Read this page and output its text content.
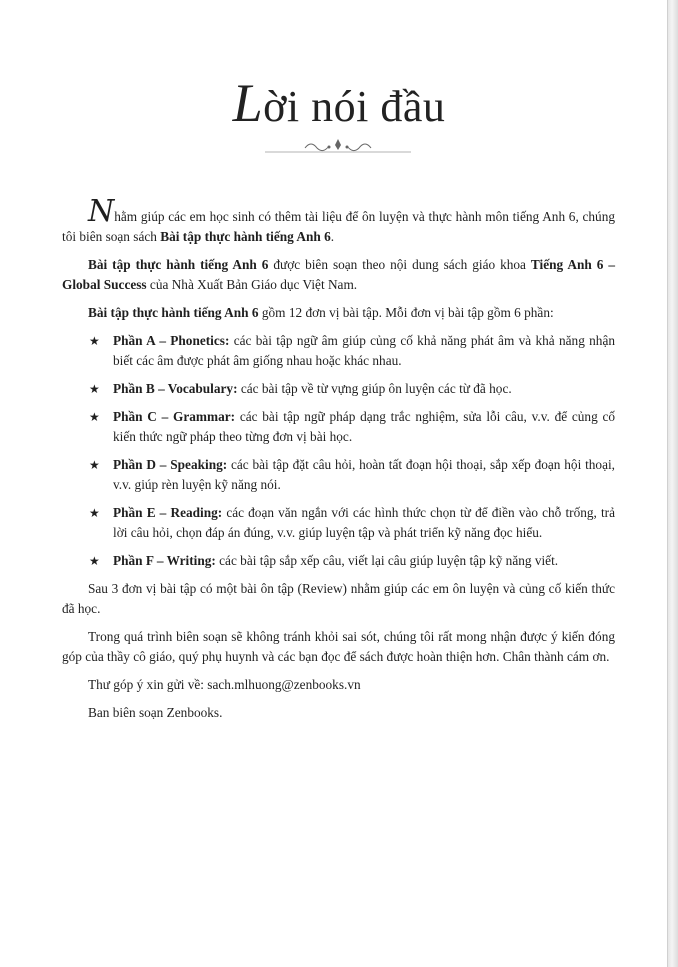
Lời nói đầu

Nhằm giúp các em học sinh có thêm tài liệu để ôn luyện và thực hành môn tiếng Anh 6, chúng tôi biên soạn sách Bài tập thực hành tiếng Anh 6.

Bài tập thực hành tiếng Anh 6 được biên soạn theo nội dung sách giáo khoa Tiếng Anh 6 – Global Success của Nhà Xuất Bản Giáo dục Việt Nam.

Bài tập thực hành tiếng Anh 6 gồm 12 đơn vị bài tập. Mỗi đơn vị bài tập gồm 6 phần:

★ Phần A – Phonetics: các bài tập ngữ âm giúp củng cố khả năng phát âm và khả năng nhận biết các âm được phát âm giống nhau hoặc khác nhau.
★ Phần B – Vocabulary: các bài tập về từ vựng giúp ôn luyện các từ đã học.
★ Phần C – Grammar: các bài tập ngữ pháp dạng trắc nghiệm, sửa lỗi câu, v.v. để củng cố kiến thức ngữ pháp theo từng đơn vị bài học.
★ Phần D – Speaking: các bài tập đặt câu hỏi, hoàn tất đoạn hội thoại, sắp xếp đoạn hội thoại, v.v. giúp rèn luyện kỹ năng nói.
★ Phần E – Reading: các đoạn văn ngắn với các hình thức chọn từ để điền vào chỗ trống, trả lời câu hỏi, chọn đáp án đúng, v.v. giúp luyện tập và phát triển kỹ năng đọc hiểu.
★ Phần F – Writing: các bài tập sắp xếp câu, viết lại câu giúp luyện tập kỹ năng viết.

Sau 3 đơn vị bài tập có một bài ôn tập (Review) nhằm giúp các em ôn luyện và củng cố kiến thức đã học.

Trong quá trình biên soạn sẽ không tránh khỏi sai sót, chúng tôi rất mong nhận được ý kiến đóng góp của thầy cô giáo, quý phụ huynh và các bạn đọc để sách được hoàn thiện hơn. Chân thành cám ơn.

Thư góp ý xin gửi về: sach.mlhuong@zenbooks.vn

Ban biên soạn Zenbooks.
